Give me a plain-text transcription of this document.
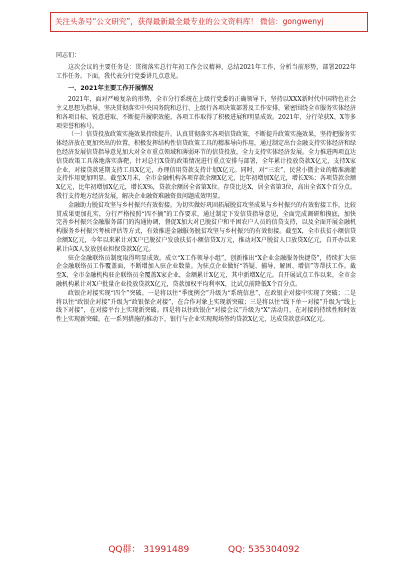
关注头条号“公文研究”，获得最新最全最专业的公文资料库！ 微信：gongwenyj

同志们：

这次会议的主要任务是：贯彻落实总行年初工作会议精神，总结2021年工作，分析当前形势，部署2022年工作任务。下面，我代表分行党委讲几点意见。

一、2021年主要工作开展情况

2021年，面对严峻复杂的形势，全市分行系统在上级行党委的正确领导下，坚持以XXX新时代中国特色社会主义思想为指导，坚决贯彻落实中央国务院和总行、上级行各项决策部署及工作安排，紧密围绕全市服务实体经济和各项目标，锐意进取、不断提升履职效能，各项工作取得了积极进展和明显成效。2021年，分行荣获X、X等多项荣誉和称号。

（一）信贷投放政策实施效果持续提升。认真贯彻落实各项信贷政策，不断提升政策实施效果，坚持把服务实体经济放在更加突出的位置，积极发挥结构性信贷政策工具的精准导向作用，通过制定出台金融支持实体经济和绿色经济发展信贷指导意见加大对全市重点领域和薄弱环节的信贷投放，全力支持实体经济发展。全力推进两项直达信贷政策工具落地落实落靶，针对总行X贷的政策情况进行重点安排与部署，全年累计投放贷款X亿元，支持X家企业，对接贷款延期支持工具X亿元，办理信用贷款支持计划X亿元。同时，对“三农”、民营小微企业的精准滴灌支持作用更加明显。截至X月末，全市金融机构各项存款余额X亿元，比年初增加X亿元，增长X%；各项贷款余额X亿元，比年初增加X亿元，增长X%，贷款余额居全省第X位。存贷比达X，居全省第3位，高出全省X个百分点。我行支持地方经济发展，解决企业融资难融资贵问题成效明显。

金融助力脱贫攻坚与乡村振兴有效衔接。为切实做好巩固拓展脱贫攻坚成果与乡村振兴的有效衔接工作，比较贯成果更加扎实，分行严格按照“四不摘”的工作要求，通过制定下发信贷指导意见，全面完成调研和摸底，加快完善乡村振兴金融服务部门的沟通协调，督促X加大对已脱贫户和平困农户人员的信贷支持，以及全面开展金融机构服务乡村振兴考核评估等方式，有效推进金融服务脱贫攻坚与乡村振兴的有效衔接。截至X，全市扶贫小额信贷余额X亿元，今年以来累计对X户已脱贫户发放扶贫小额信贷X万元，推动对X户脱贫人口放贷X亿元，自开办以来累计向X人发放创业担保贷款X亿元。

驻企金融联络员制度取得明显成效。成立“X工作领导小组”，创新推出“X企业金融服务快捷贷”，持续扩大驻企金融联络员工作覆盖面，不断增加入驻企业数量。为驻点企业做好“答疑、捕导、解困、增信”等帮扶工作。截至X，全市金融机构驻企联络员全覆盖X家企业，金额累计X亿元，其中新增X亿元。自开展试点工作以来，全市金融机构累计对X户批量企业投放贷款X亿元，贷款加权平均利率X，比试点前降低X个百分点。

政银企对接实现“四个”突破。一是将以往“季度例会”升级为“系统信息”，在政银企对接中实现了突破；二是将以往“政银企对接”升级为“政银保企对接”，在合作对象上实现新突破；三是将以往“线下单一对接”升级为“线上线下对接”，在对接平台上实现新突破。四是将以往政银企“对接会议”升级为“X”活动月，在对接的持续性和时效性上实现新突破。在一系列措施的推动下，银行与企业实现现场签约贷款X亿元，达成贷款意向X亿元。

QQ群： 31991489	QQ: 535304092
